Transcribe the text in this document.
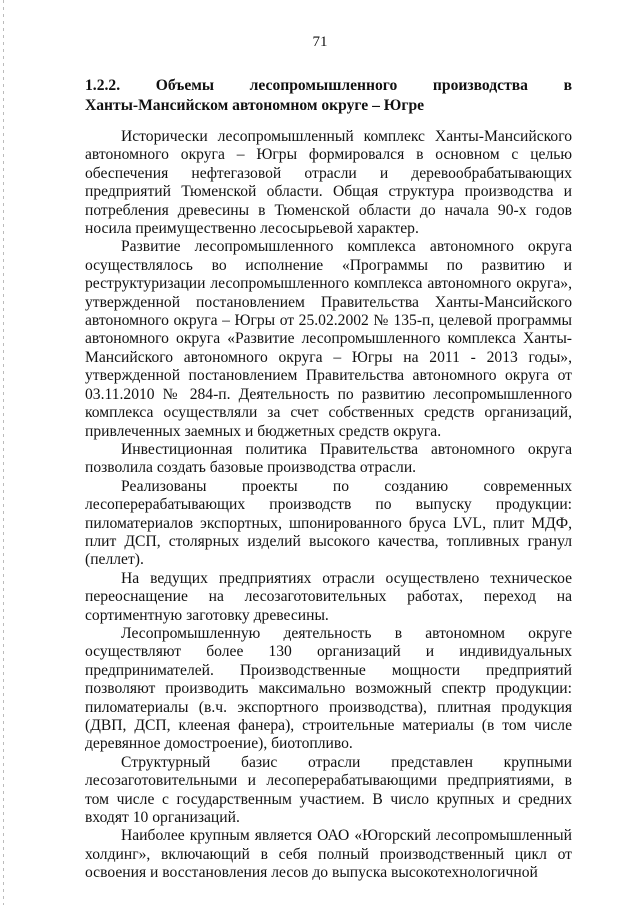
71
1.2.2. Объемы лесопромышленного производства в
Ханты-Мансийском автономном округе – Югре

Исторически лесопромышленный комплекс Ханты-Мансийского автономного округа – Югры формировался в основном с целью обеспечения нефтегазовой отрасли и деревообрабатывающих предприятий Тюменской области. Общая структура производства и потребления древесины в Тюменской области до начала 90-х годов носила преимущественно лесосырьевой характер.

Развитие лесопромышленного комплекса автономного округа осуществлялось во исполнение «Программы по развитию и реструктуризации лесопромышленного комплекса автономного округа», утвержденной постановлением Правительства Ханты-Мансийского автономного округа – Югры от 25.02.2002 № 135-п, целевой программы автономного округа «Развитие лесопромышленного комплекса Ханты-Мансийского автономного округа – Югры на 2011 - 2013 годы», утвержденной постановлением Правительства автономного округа от 03.11.2010 № 284-п. Деятельность по развитию лесопромышленного комплекса осуществляли за счет собственных средств организаций, привлеченных заемных и бюджетных средств округа.

Инвестиционная политика Правительства автономного округа позволила создать базовые производства отрасли.

Реализованы проекты по созданию современных лесоперерабатывающих производств по выпуску продукции: пиломатериалов экспортных, шпонированного бруса LVL, плит МДФ, плит ДСП, столярных изделий высокого качества, топливных гранул (пеллет).

На ведущих предприятиях отрасли осуществлено техническое переоснащение на лесозаготовительных работах, переход на сортиментную заготовку древесины.

Лесопромышленную деятельность в автономном округе осуществляют более 130 организаций и индивидуальных предпринимателей. Производственные мощности предприятий позволяют производить максимально возможный спектр продукции: пиломатериалы (в.ч. экспортного производства), плитная продукция (ДВП, ДСП, клееная фанера), строительные материалы (в том числе деревянное домостроение), биотопливо.

Структурный базис отрасли представлен крупными лесозаготовительными и лесоперерабатывающими предприятиями, в том числе с государственным участием. В число крупных и средних входят 10 организаций.

Наиболее крупным является ОАО «Югорский лесопромышленный холдинг», включающий в себя полный производственный цикл от освоения и восстановления лесов до выпуска высокотехнологичной
